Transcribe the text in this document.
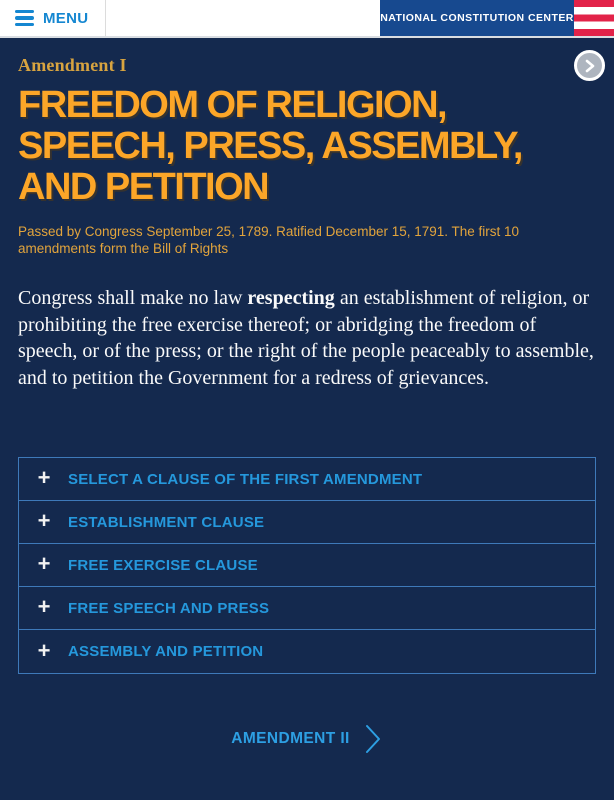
MENU	NATIONAL CONSTITUTION CENTER
Amendment I
FREEDOM OF RELIGION,
SPEECH, PRESS, ASSEMBLY,
AND PETITION

Passed by Congress September 25, 1789. Ratified December 15, 1791. The first 10 amendments form the Bill of Rights

Congress shall make no law respecting an establishment of religion, or prohibiting the free exercise thereof; or abridging the freedom of speech, or of the press; or the right of the people peaceably to assemble, and to petition the Government for a redress of grievances.

+	SELECT A CLAUSE OF THE FIRST AMENDMENT
+	ESTABLISHMENT CLAUSE
+	FREE EXERCISE CLAUSE
+	FREE SPEECH AND PRESS
+	ASSEMBLY AND PETITION
AMENDMENT II
